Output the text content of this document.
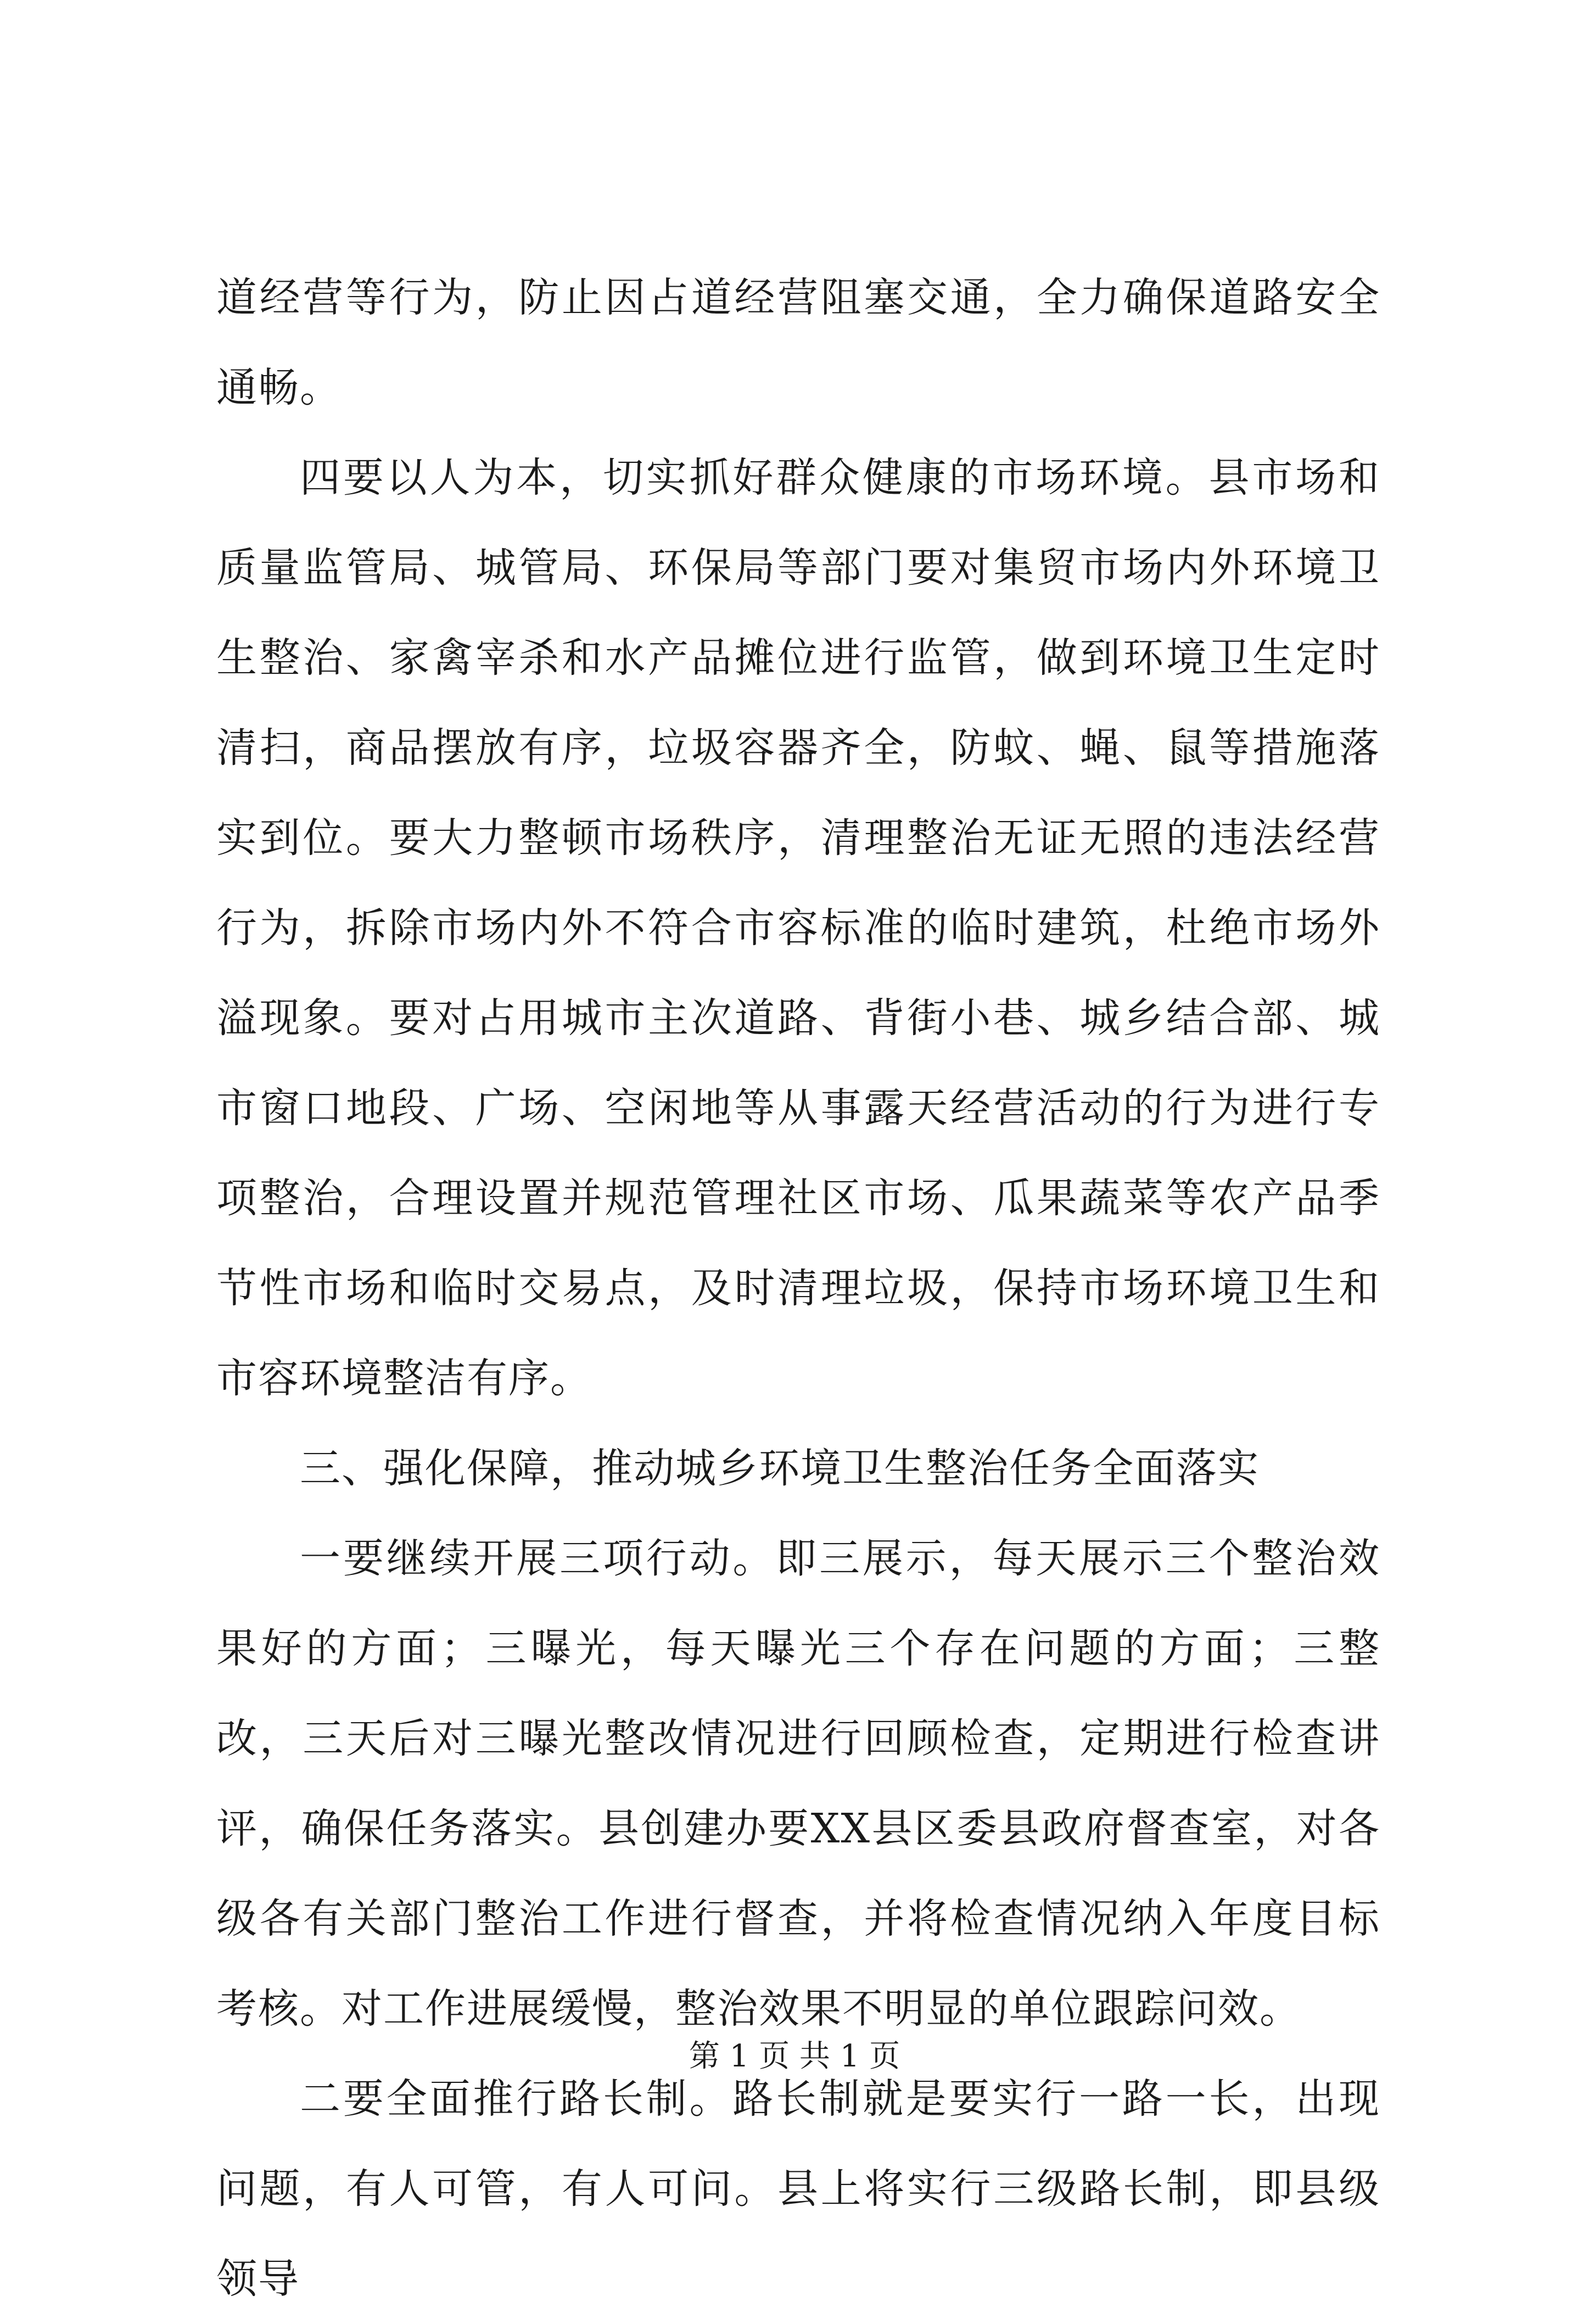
道经营等行为，防止因占道经营阻塞交通，全力确保道路安全通畅。

四要以人为本，切实抓好群众健康的市场环境。县市场和质量监管局、城管局、环保局等部门要对集贸市场内外环境卫生整治、家禽宰杀和水产品摊位进行监管，做到环境卫生定时清扫，商品摆放有序，垃圾容器齐全，防蚊、蝇、鼠等措施落实到位。要大力整顿市场秩序，清理整治无证无照的违法经营行为，拆除市场内外不符合市容标准的临时建筑，杜绝市场外溢现象。要对占用城市主次道路、背街小巷、城乡结合部、城市窗口地段、广场、空闲地等从事露天经营活动的行为进行专项整治，合理设置并规范管理社区市场、瓜果蔬菜等农产品季节性市场和临时交易点，及时清理垃圾，保持市场环境卫生和市容环境整洁有序。

三、强化保障，推动城乡环境卫生整治任务全面落实

一要继续开展三项行动。即三展示，每天展示三个整治效果好的方面；三曝光，每天曝光三个存在问题的方面；三整改，三天后对三曝光整改情况进行回顾检查，定期进行检查讲评，确保任务落实。县创建办要XX县区委县政府督查室，对各级各有关部门整治工作进行督查，并将检查情况纳入年度目标考核。对工作进展缓慢，整治效果不明显的单位跟踪问效。

二要全面推行路长制。路长制就是要实行一路一长，出现问题，有人可管，有人可问。县上将实行三级路长制，即县级领导

第 1 页 共 1 页
